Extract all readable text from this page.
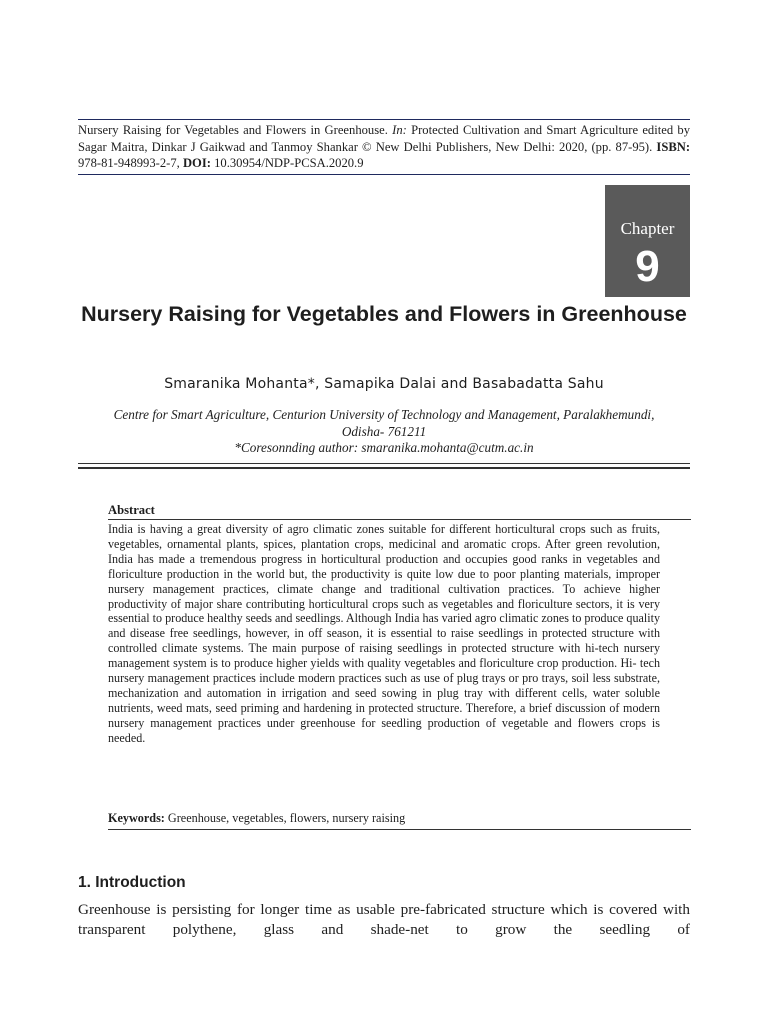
Nursery Raising for Vegetables and Flowers in Greenhouse. In: Protected Cultivation and Smart Agriculture edited by Sagar Maitra, Dinkar J Gaikwad and Tanmoy Shankar © New Delhi Publishers, New Delhi: 2020, (pp. 87-95). ISBN: 978-81-948993-2-7, DOI: 10.30954/NDP-PCSA.2020.9
Chapter
9
Nursery Raising for Vegetables and Flowers in Greenhouse
Smaranika Mohanta*, Samapika Dalai and Basabadatta Sahu
Centre for Smart Agriculture, Centurion University of Technology and Management, Paralakhemundi,
Odisha- 761211
*Coresonnding author: smaranika.mohanta@cutm.ac.in
Abstract
India is having a great diversity of agro climatic zones suitable for different horticultural crops such as fruits, vegetables, ornamental plants, spices, plantation crops, medicinal and aromatic crops. After green revolution, India has made a tremendous progress in horticultural production and occupies good ranks in vegetables and floriculture production in the world but, the productivity is quite low due to poor planting materials, improper nursery management practices, climate change and traditional cultivation practices. To achieve higher productivity of major share contributing horticultural crops such as vegetables and floriculture sectors, it is very essential to produce healthy seeds and seedlings. Although India has varied agro climatic zones to produce quality and disease free seedlings, however, in off season, it is essential to raise seedlings in protected structure with controlled climate systems. The main purpose of raising seedlings in protected structure with hi-tech nursery management system is to produce higher yields with quality vegetables and floriculture crop production. Hi- tech nursery management practices include modern practices such as use of plug trays or pro trays, soil less substrate, mechanization and automation in irrigation and seed sowing in plug tray with different cells, water soluble nutrients, weed mats, seed priming and hardening in protected structure. Therefore, a brief discussion of modern nursery management practices under greenhouse for seedling production of vegetable and flowers crops is needed.
Keywords: Greenhouse, vegetables, flowers, nursery raising
1. Introduction
Greenhouse is persisting for longer time as usable pre-fabricated structure which is covered with transparent polythene, glass and shade-net to grow the seedling of
